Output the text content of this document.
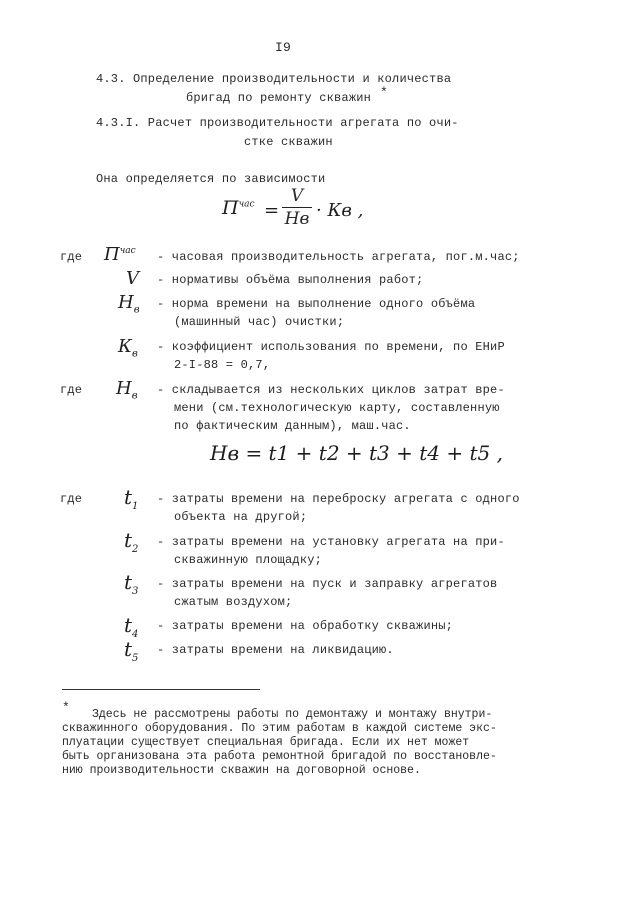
I9
4.3. Определение производительности и количества
бригад по ремонту скважин *
4.3.I. Расчет производительности агрегата по очи-
стке скважин
Она определяется по зависимости
$П^{час}$ =
V
Нв · Кв ,
где $П^{час}$ - часовая производительность агрегата, пог.м.час;
V - нормативы объёма выполнения работ;
$Н_в$ - норма времени на выполнение одного объёма
(машинный час) очистки;
$К_в$
- коэффициент использования по времени, по ЕНиР
2-I-88 = 0,7,
где $Н_в$ - складывается из нескольких циклов затрат вре-
мени (см.технологическую карту, составленную
по фактическим данным), маш.час.
Нв = t1 + t2 + t3 + t4 + t5 ,
где $t_1$
- затраты времени на переброску агрегата с одного
объекта на другой;
$t_2$
- затраты времени на установку агрегата на при-
скважинную площадку;
$t_3$
- затраты времени на пуск и заправку агрегатов
сжатым воздухом;
$t_4$
- затраты времени на обработку скважины;
$t_5$
- затраты времени на ликвидацию.
* Здесь не рассмотрены работы по демонтажу и монтажу внутри-
скважинного оборудования. По этим работам в каждой системе экс-
плуатации существует специальная бригада. Если их нет может
быть организована эта работа ремонтной бригадой по восстановле-
нию производительности скважин на договорной основе.
